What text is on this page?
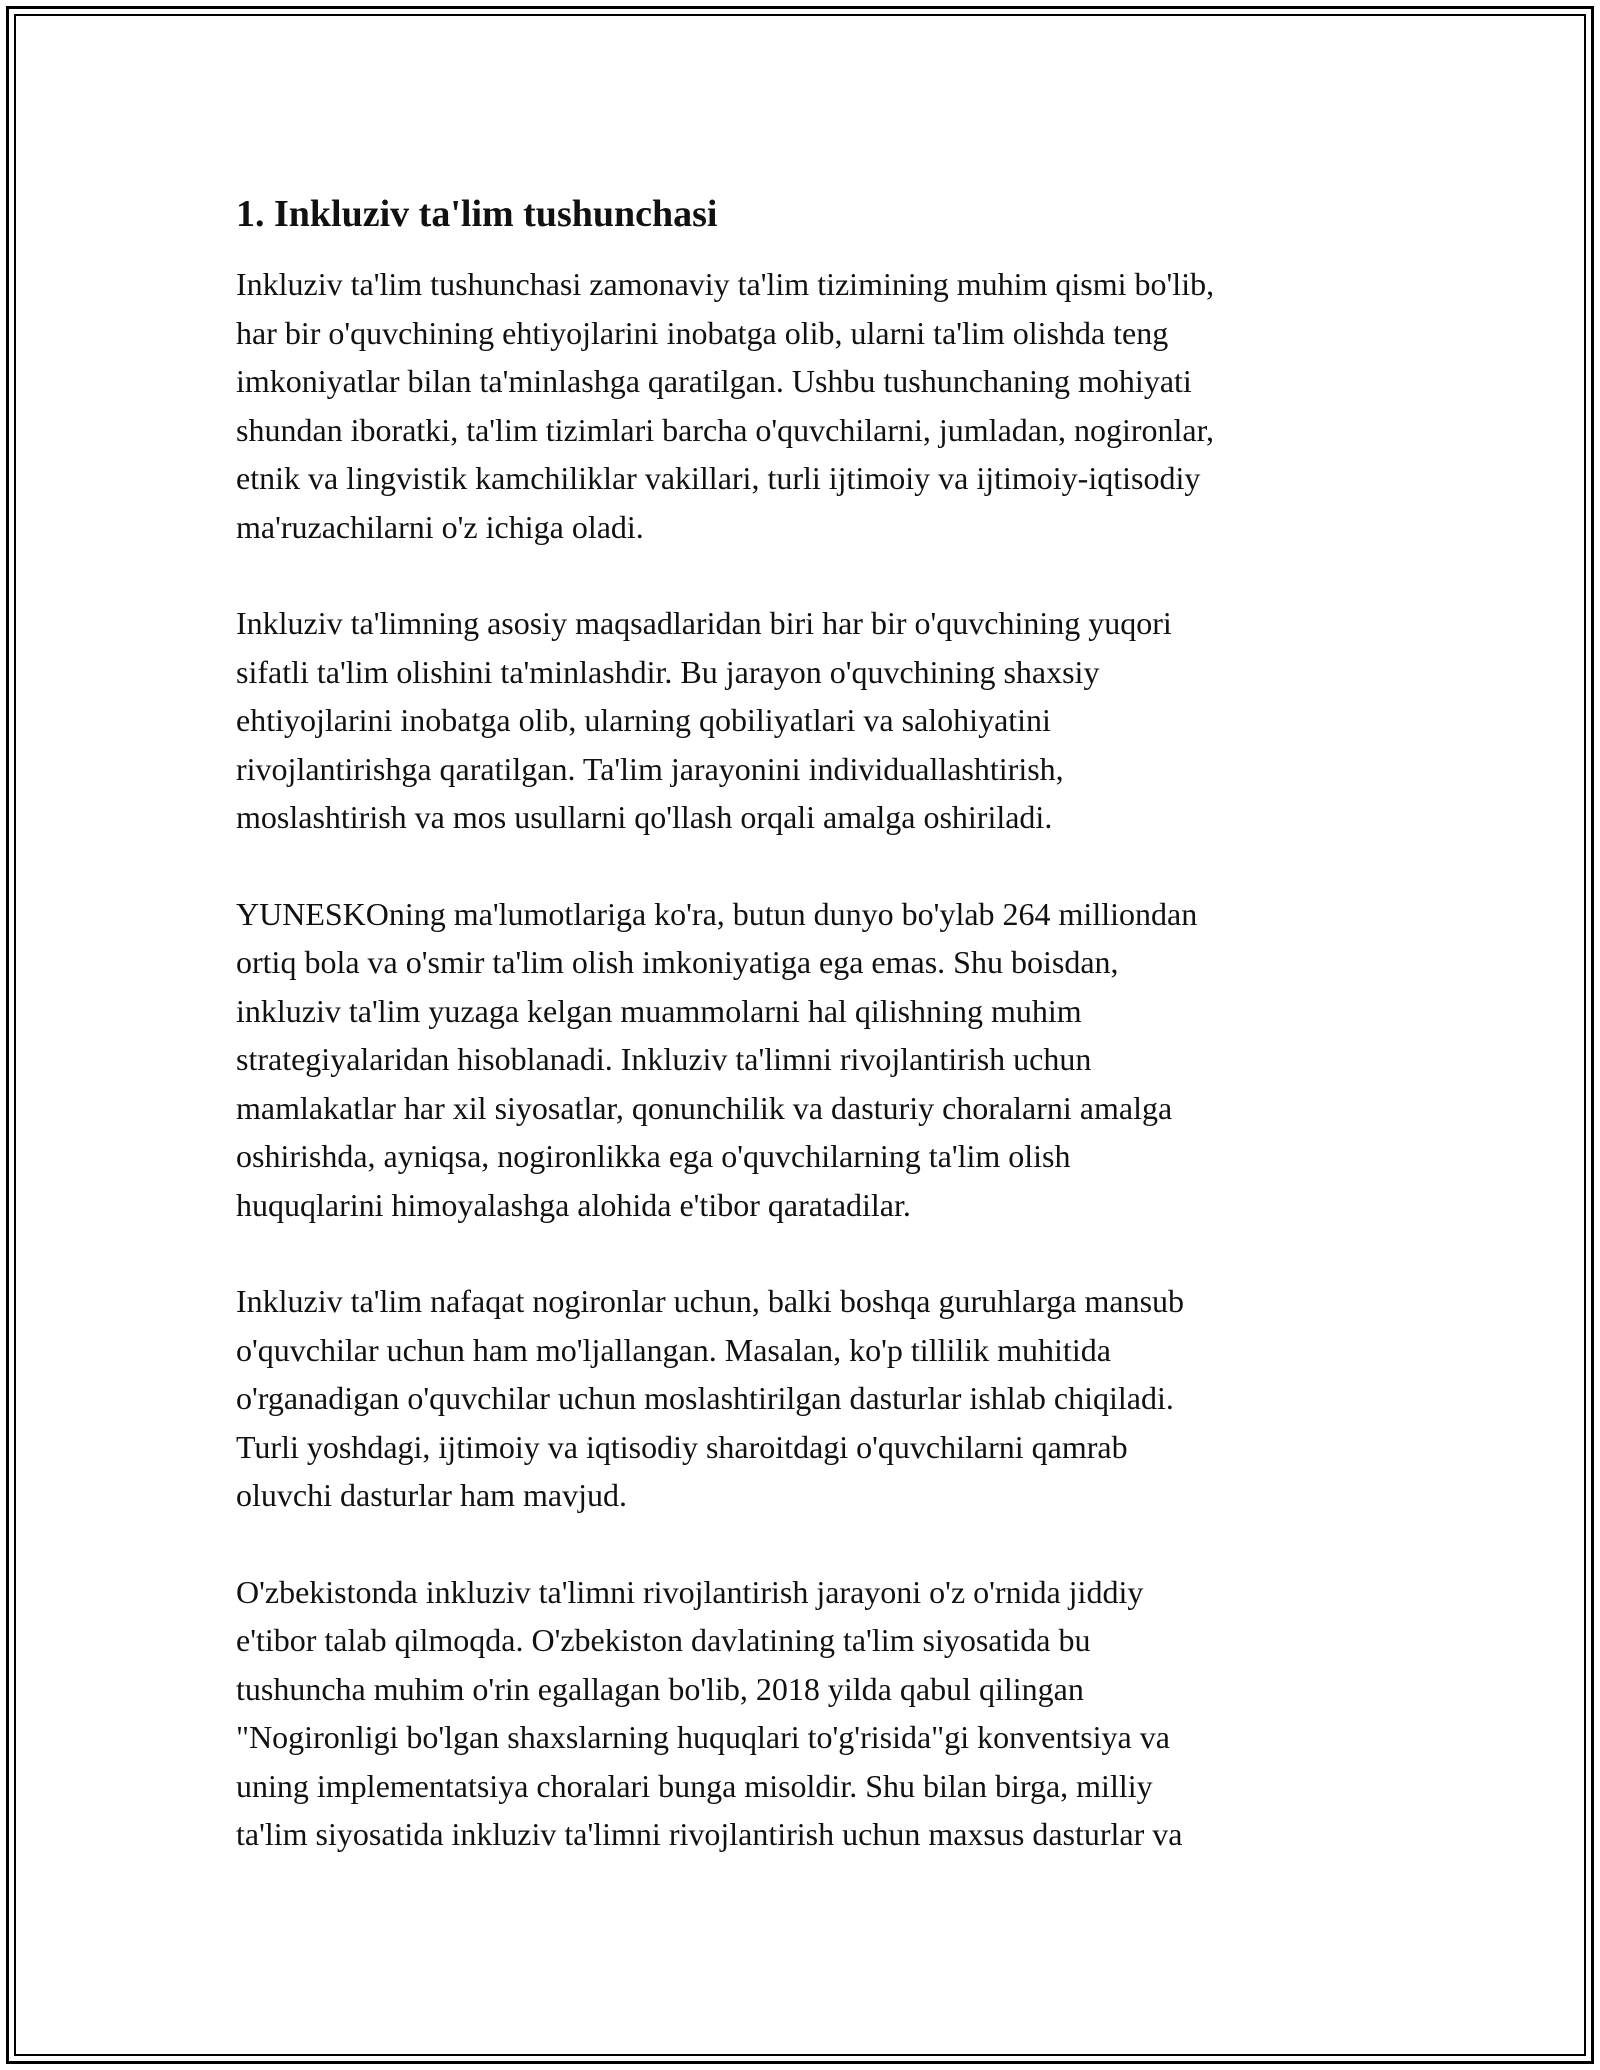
1. Inkluziv ta'lim tushunchasi

Inkluziv ta'lim tushunchasi zamonaviy ta'lim tizimining muhim qismi bo'lib,
har bir o'quvchining ehtiyojlarini inobatga olib, ularni ta'lim olishda teng
imkoniyatlar bilan ta'minlashga qaratilgan. Ushbu tushunchaning mohiyati
shundan iboratki, ta'lim tizimlari barcha o'quvchilarni, jumladan, nogironlar,
etnik va lingvistik kamchiliklar vakillari, turli ijtimoiy va ijtimoiy-iqtisodiy
ma'ruzachilarni o'z ichiga oladi.

Inkluziv ta'limning asosiy maqsadlaridan biri har bir o'quvchining yuqori
sifatli ta'lim olishini ta'minlashdir. Bu jarayon o'quvchining shaxsiy
ehtiyojlarini inobatga olib, ularning qobiliyatlari va salohiyatini
rivojlantirishga qaratilgan. Ta'lim jarayonini individuallashtirish,
moslashtirish va mos usullarni qo'llash orqali amalga oshiriladi.

YUNESKOning ma'lumotlariga ko'ra, butun dunyo bo'ylab 264 milliondan
ortiq bola va o'smir ta'lim olish imkoniyatiga ega emas. Shu boisdan,
inkluziv ta'lim yuzaga kelgan muammolarni hal qilishning muhim
strategiyalaridan hisoblanadi. Inkluziv ta'limni rivojlantirish uchun
mamlakatlar har xil siyosatlar, qonunchilik va dasturiy choralarni amalga
oshirishda, ayniqsa, nogironlikka ega o'quvchilarning ta'lim olish
huquqlarini himoyalashga alohida e'tibor qaratadilar.

Inkluziv ta'lim nafaqat nogironlar uchun, balki boshqa guruhlarga mansub
o'quvchilar uchun ham mo'ljallangan. Masalan, ko'p tillilik muhitida
o'rganadigan o'quvchilar uchun moslashtirilgan dasturlar ishlab chiqiladi.
Turli yoshdagi, ijtimoiy va iqtisodiy sharoitdagi o'quvchilarni qamrab
oluvchi dasturlar ham mavjud.

O'zbekistonda inkluziv ta'limni rivojlantirish jarayoni o'z o'rnida jiddiy
e'tibor talab qilmoqda. O'zbekiston davlatining ta'lim siyosatida bu
tushuncha muhim o'rin egallagan bo'lib, 2018 yilda qabul qilingan
"Nogironligi bo'lgan shaxslarning huquqlari to'g'risida"gi konventsiya va
uning implementatsiya choralari bunga misoldir. Shu bilan birga, milliy
ta'lim siyosatida inkluziv ta'limni rivojlantirish uchun maxsus dasturlar va
